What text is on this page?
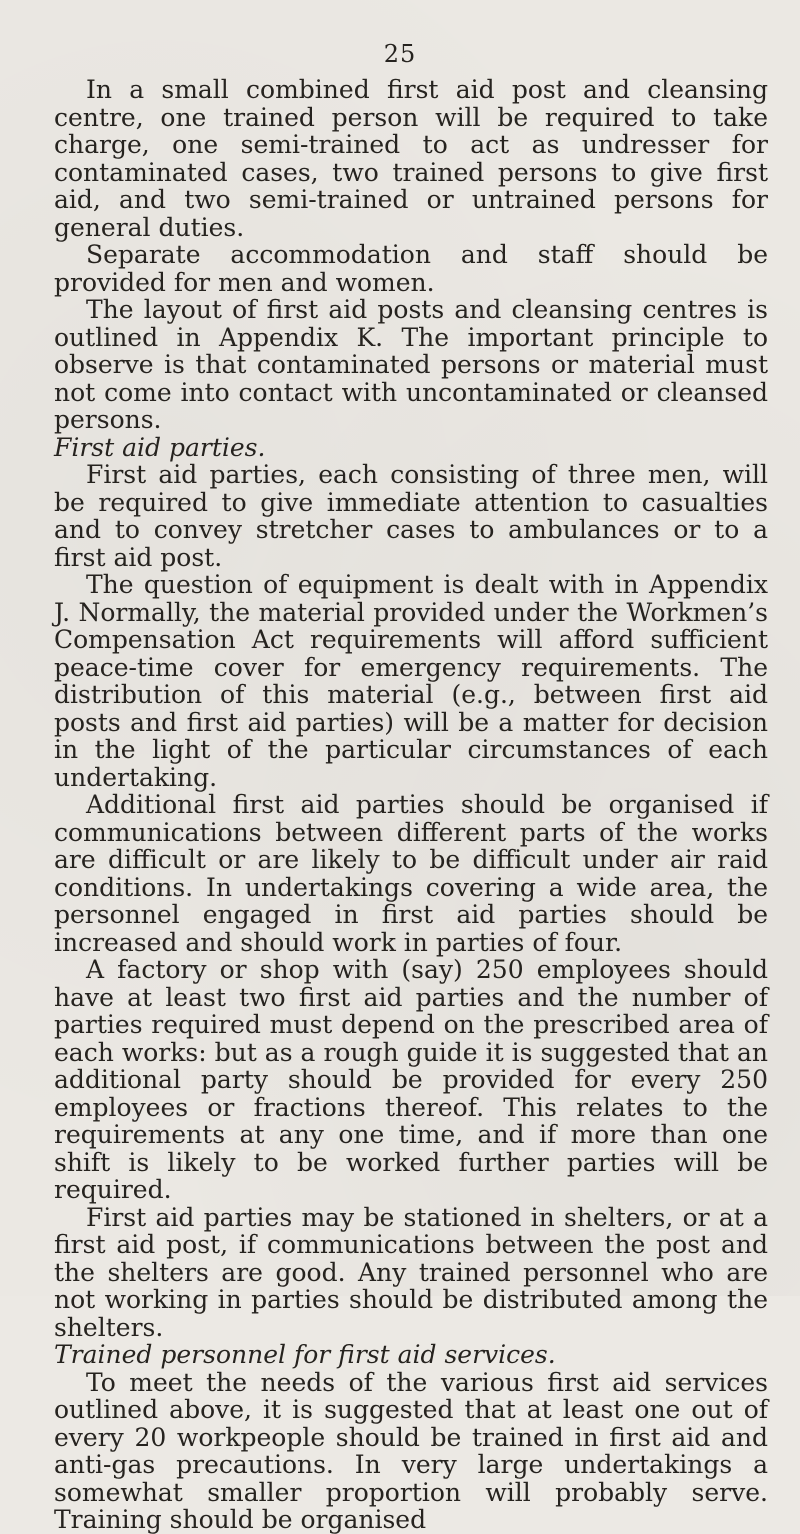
25

In a small combined first aid post and cleansing centre, one trained person will be required to take charge, one semi-trained to act as undresser for contaminated cases, two trained persons to give first aid, and two semi-trained or untrained persons for general duties.

Separate accommodation and staff should be provided for men and women.

The layout of first aid posts and cleansing centres is outlined in Appendix K. The important principle to observe is that contaminated persons or material must not come into contact with uncontaminated or cleansed persons.

First aid parties.

First aid parties, each consisting of three men, will be required to give immediate attention to casualties and to convey stretcher cases to ambulances or to a first aid post.

The question of equipment is dealt with in Appendix J. Normally, the material provided under the Workmen’s Compensation Act requirements will afford sufficient peace-time cover for emergency requirements. The distribution of this material (e.g., between first aid posts and first aid parties) will be a matter for decision in the light of the particular circumstances of each undertaking.

Additional first aid parties should be organised if communications between different parts of the works are difficult or are likely to be difficult under air raid conditions. In undertakings covering a wide area, the personnel engaged in first aid parties should be increased and should work in parties of four.

A factory or shop with (say) 250 employees should have at least two first aid parties and the number of parties required must depend on the prescribed area of each works: but as a rough guide it is suggested that an additional party should be provided for every 250 employees or fractions thereof. This relates to the requirements at any one time, and if more than one shift is likely to be worked further parties will be required.

First aid parties may be stationed in shelters, or at a first aid post, if communications between the post and the shelters are good. Any trained personnel who are not working in parties should be distributed among the shelters.

Trained personnel for first aid services.

To meet the needs of the various first aid services outlined above, it is suggested that at least one out of every 20 workpeople should be trained in first aid and anti-gas precautions. In very large undertakings a somewhat smaller proportion will probably serve. Training should be organised
